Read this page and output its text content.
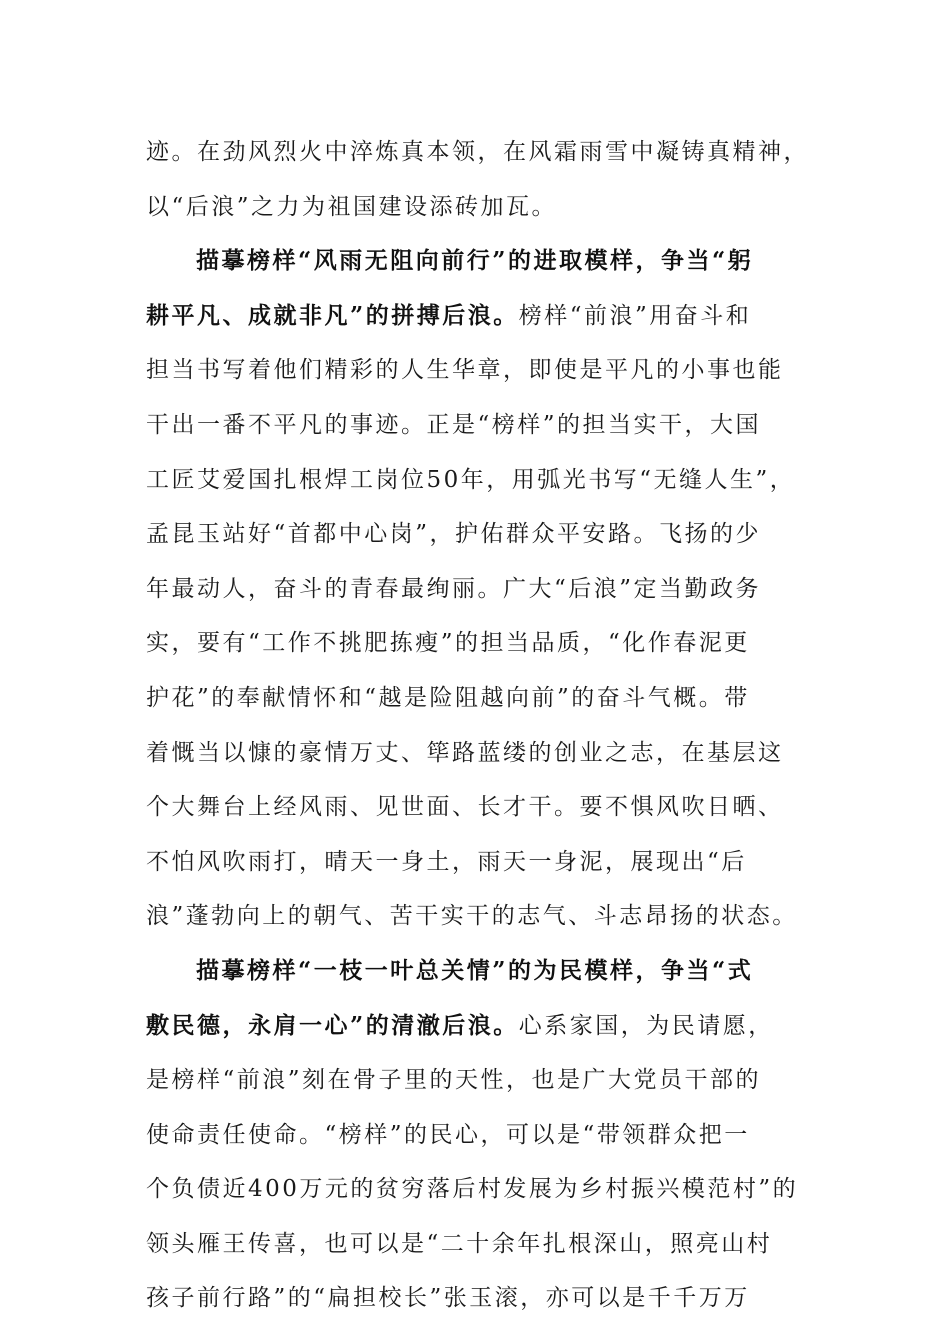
迹。在劲风烈火中淬炼真本领，在风霜雨雪中凝铸真精神，
以“后浪”之力为祖国建设添砖加瓦。
描摹榜样“风雨无阻向前行”的进取模样，争当“躬
耕平凡、成就非凡”的拼搏后浪。榜样“前浪”用奋斗和
担当书写着他们精彩的人生华章，即使是平凡的小事也能
干出一番不平凡的事迹。正是“榜样”的担当实干，大国
工匠艾爱国扎根焊工岗位50年，用弧光书写“无缝人生”，
孟昆玉站好“首都中心岗”，护佑群众平安路。飞扬的少
年最动人，奋斗的青春最绚丽。广大“后浪”定当勤政务
实，要有“工作不挑肥拣瘦”的担当品质，“化作春泥更
护花”的奉献情怀和“越是险阻越向前”的奋斗气概。带
着慨当以慷的豪情万丈、筚路蓝缕的创业之志，在基层这
个大舞台上经风雨、见世面、长才干。要不惧风吹日晒、
不怕风吹雨打，晴天一身土，雨天一身泥，展现出“后
浪”蓬勃向上的朝气、苦干实干的志气、斗志昂扬的状态。
描摹榜样“一枝一叶总关情”的为民模样，争当“式
敷民德，永肩一心”的清澈后浪。心系家国，为民请愿，
是榜样“前浪”刻在骨子里的天性，也是广大党员干部的
使命责任使命。“榜样”的民心，可以是“带领群众把一
个负债近400万元的贫穷落后村发展为乡村振兴模范村”的
领头雁王传喜，也可以是“二十余年扎根深山，照亮山村
孩子前行路”的“扁担校长”张玉滚，亦可以是千千万万
